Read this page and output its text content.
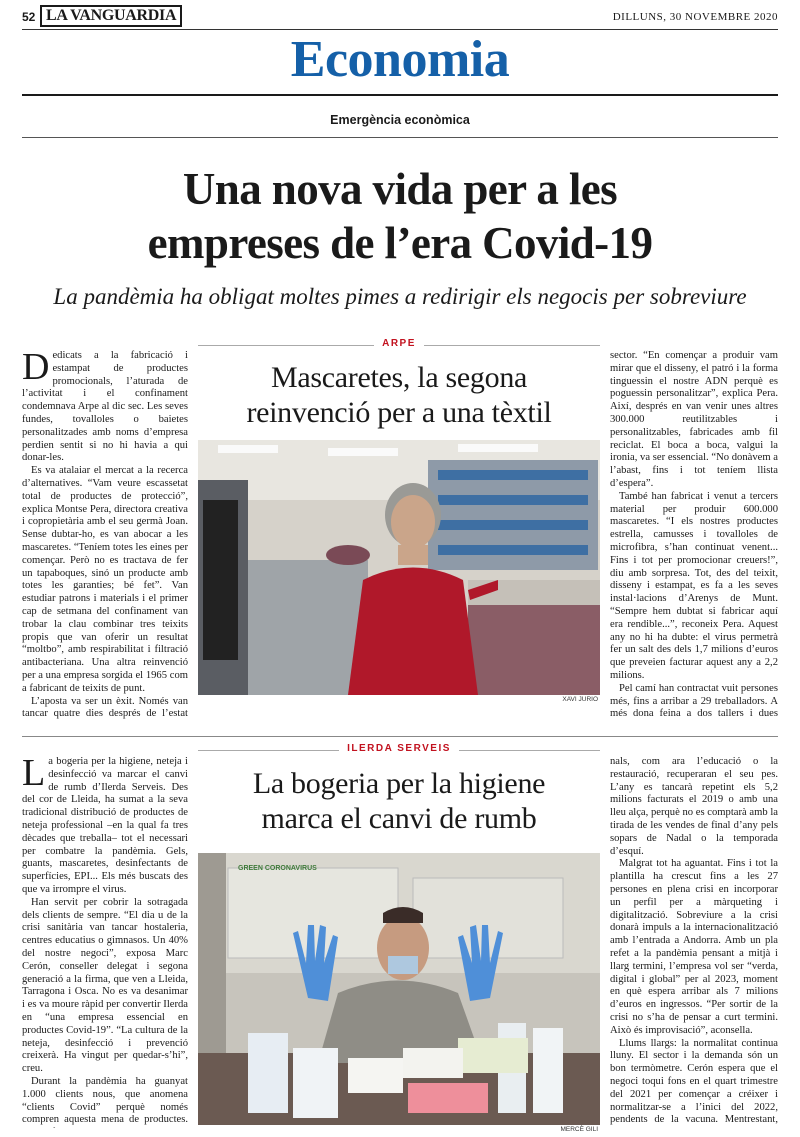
52 LA VANGUARDIA	DILLUNS, 30 NOVEMBRE 2020
Economia
Emergència econòmica
Una nova vida per a les
empreses de l’era Covid-19
La pandèmia ha obligat moltes pimes a redirigir els negocis per sobreviure
ARPE
Mascaretes, la segona
reinvenció per a una tèxtil

Dedicats a la fabricació i estampat de productes promocionals, l’aturada de l’activitat i el confinament condemnava Arpe al dic sec. Les seves fundes, tovalloles o baietes personalitzades amb noms d’empresa perdien sentit si no hi havia a qui donar-les.

Es va atalaiar el mercat a la recerca d’alternatives. “Vam veure escassetat total de productes de protecció”, explica Montse Pera, directora creativa i copropietària amb el seu germà Joan. Sense dubtar-ho, es van abocar a les mascaretes. “Teníem totes les eines per començar. Però no es tractava de fer un tapaboques, sinó un producte amb totes les garanties; bé fet”. Van estudiar patrons i materials i el primer cap de setmana del confinament van trobar la clau combinar tres teixits propis que van oferir un resultat “moltbo”, amb respirabilitat i filtració antibacteriana. Una altra reinvenció per a una empresa sorgida el 1965 com a fabricant de teixits de punt.

L’aposta va ser un èxit. Només van tancar quatre dies després de l’estat

XAVI JURIO

sector. “En començar a produir vam mirar que el disseny, el patró i la forma tinguessin el nostre ADN perquè es poguessin personalitzar”, explica Pera. Així, després en van venir unes altres 300.000 reutilitzables i personalitzables, fabricades amb fil reciclat. El boca a boca, valgui la ironia, va ser essencial. “No donàvem a l’abast, fins i tot teníem llista d’espera”.

També han fabricat i venut a tercers material per produir 600.000 mascaretes. “I els nostres productes estrella, camusses i tovalloles de microfibra, s’han continuat venent... Fins i tot per promocionar creuers!”, diu amb sorpresa. Tot, des del teixit, disseny i estampat, es fa a les seves instal·lacions d’Arenys de Munt. “Sempre hem dubtat si fabricar aquí era rendible...”, reconeix Pera. Aquest any no hi ha dubte: el virus permetrà fer un salt des dels 1,7 milions d’euros que preveien facturar aquest any a 2,2 milions.

Pel camí han contractat vuit persones més, fins a arribar a 29 treballadors. A més dona feina a dos tallers i dues

ILERDA SERVEIS
La bogeria per la higiene
marca el canvi de rumb

La bogeria per la higiene, neteja i desinfecció va marcar el canvi de rumb d’Ilerda Serveis. Des del cor de Lleida, ha sumat a la seva tradicional distribució de productes de neteja professional –en la qual fa tres dècades que treballa– tot el necessari per combatre la pandèmia. Gels, guants, mascaretes, desinfectants de superfícies, EPI... Els més buscats des que va irrompre el virus.

Han servit per cobrir la sotragada dels clients de sempre. “El dia u de la crisi sanitària van tancar hostaleria, centres educatius o gimnasos. Un 40% del nostre negoci”, exposa Marc Cerón, conseller delegat i segona generació a la firma, que ven a Lleida, Tarragona i Osca. No es va desanimar i es va moure ràpid per convertir Ilerda en “una empresa essencial en productes Covid-19”. “La cultura de la neteja, desinfecció i prevenció creixerà. Ha vingut per quedar-s’hi”, creu.

Durant la pandèmia ha guanyat 1.000 clients nous, que anomena “clients Covid” perquè només compren aquesta mena de productes.

GREEN CORONAVIRUS
MERCÈ GILI

nals, com ara l’educació o la restauració, recuperaran el seu pes. L’any es tancarà repetint els 5,2 milions facturats el 2019 o amb una lleu alça, perquè no es comptarà amb la tirada de les vendes de final d’any pels sopars de Nadal o la temporada d’esquí.

Malgrat tot ha aguantat. Fins i tot la plantilla ha crescut fins a les 27 persones en plena crisi en incorporar un perfil per a màrqueting i digitalització. Sobreviure a la crisi donarà impuls a la internacionalització amb l’entrada a Andorra. Amb un pla refet a la pandèmia pensant a mitjà i llarg termini, l’empresa vol ser “verda, digital i global” per al 2023, moment en què espera arribar als 7 milions d’euros en ingressos. “Per sortir de la crisi no s’ha de pensar a curt termini. Això és improvisació”, aconsella.

Llums llargs: la normalitat continua lluny. El sector i la demanda són un bon termòmetre. Cerón espera que el negoci toqui fons en el quart trimestre del 2021 per començar a créixer i normalitzar-se a l’inici del 2022, pendents de la vacuna. Mentrestant,
